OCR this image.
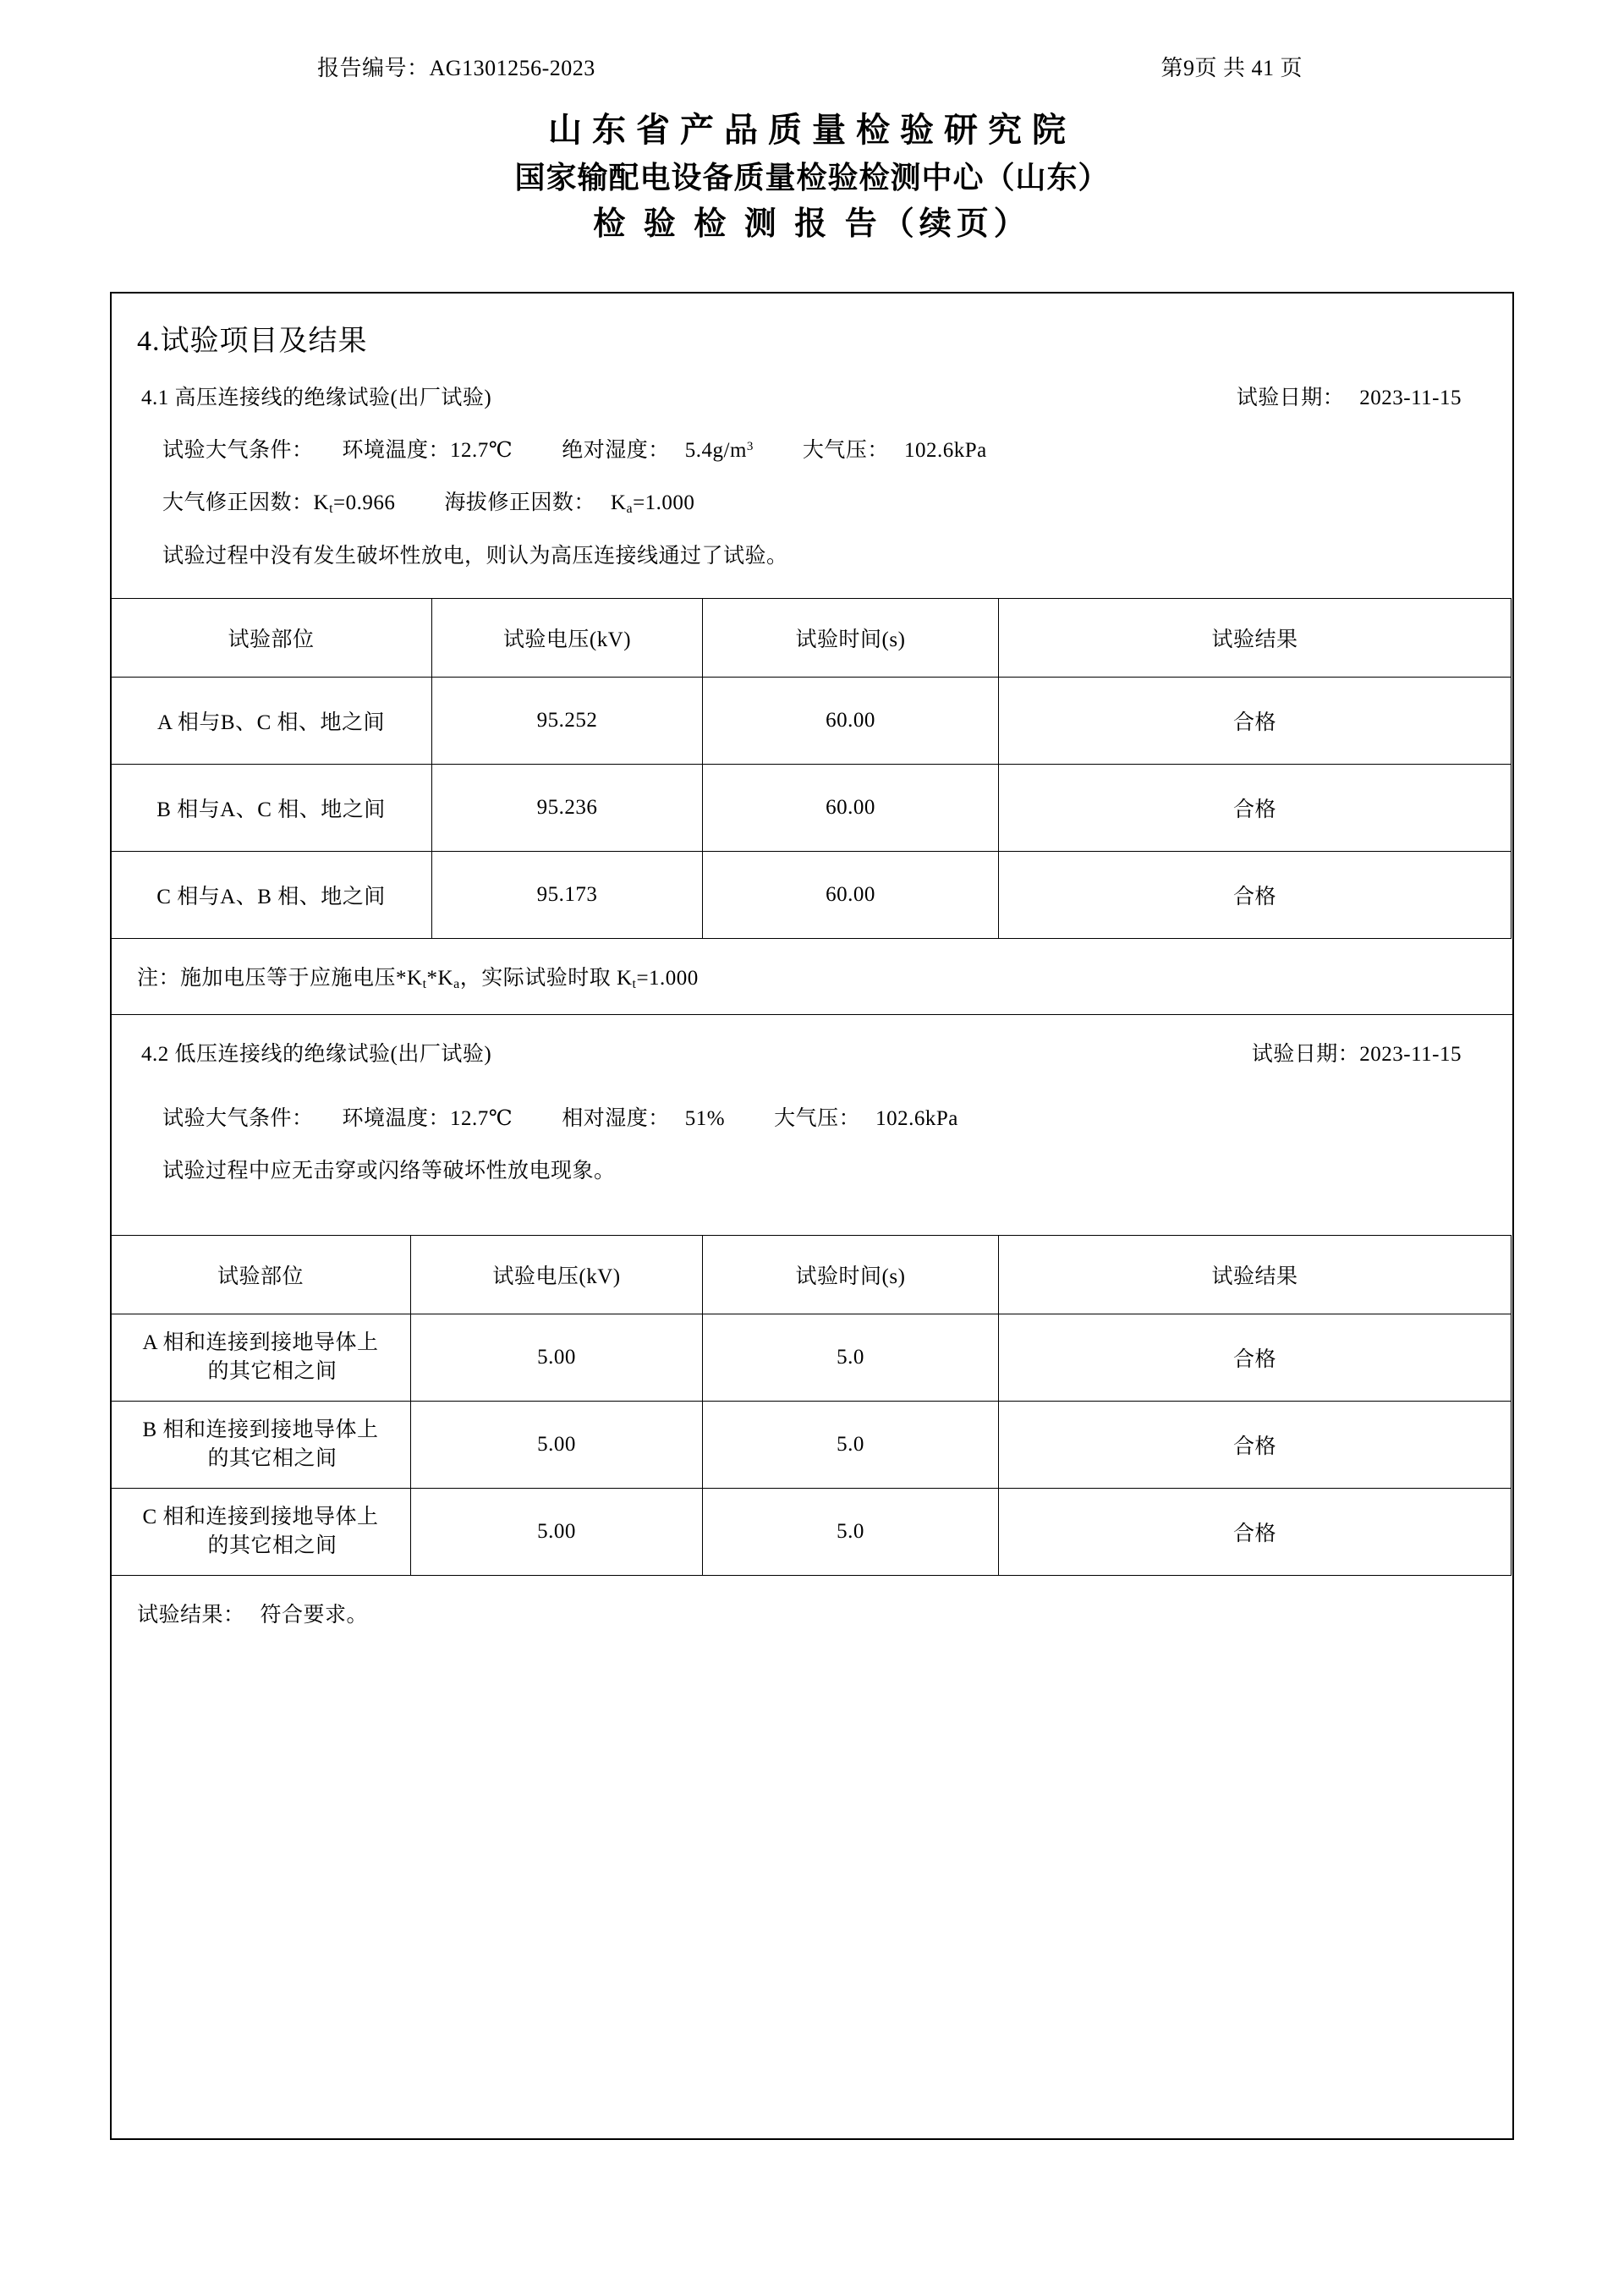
报告编号：AG1301256-2023	第9页 共 41 页
山东省产品质量检验研究院
国家输配电设备质量检验检测中心（山东）
检 验 检 测 报 告（续页）
4.试验项目及结果
4.1 高压连接线的绝缘试验(出厂试验)	试验日期： 2023-11-15
试验大气条件： 环境温度：12.7℃ 绝对湿度： $5.4g/m^3$ 大气压： 102.6kPa
大气修正因数：$K_t=0.966$ 海拔修正因数： $K_a=1.000$
试验过程中没有发生破坏性放电，则认为高压连接线通过了试验。
试验部位	试验电压(kV)	试验时间(s)	试验结果
A 相与B、C 相、地之间	95.252	60.00	合格
B 相与A、C 相、地之间	95.236	60.00	合格
C 相与A、B 相、地之间	95.173	60.00	合格
注：施加电压等于应施电压$*K_t*K_a$，实际试验时取 $K_t=1.000$
4.2 低压连接线的绝缘试验(出厂试验)	试验日期：2023-11-15
试验大气条件： 环境温度：12.7℃ 相对湿度： 51% 大气压： 102.6kPa
试验过程中应无击穿或闪络等破坏性放电现象。
试验部位	试验电压(kV)	试验时间(s)	试验结果
A 相和连接到接地导体上
的其它相之间	5.00	5.0	合格
B 相和连接到接地导体上
的其它相之间	5.00	5.0	合格
C 相和连接到接地导体上
的其它相之间	5.00	5.0	合格
试验结果： 符合要求。
